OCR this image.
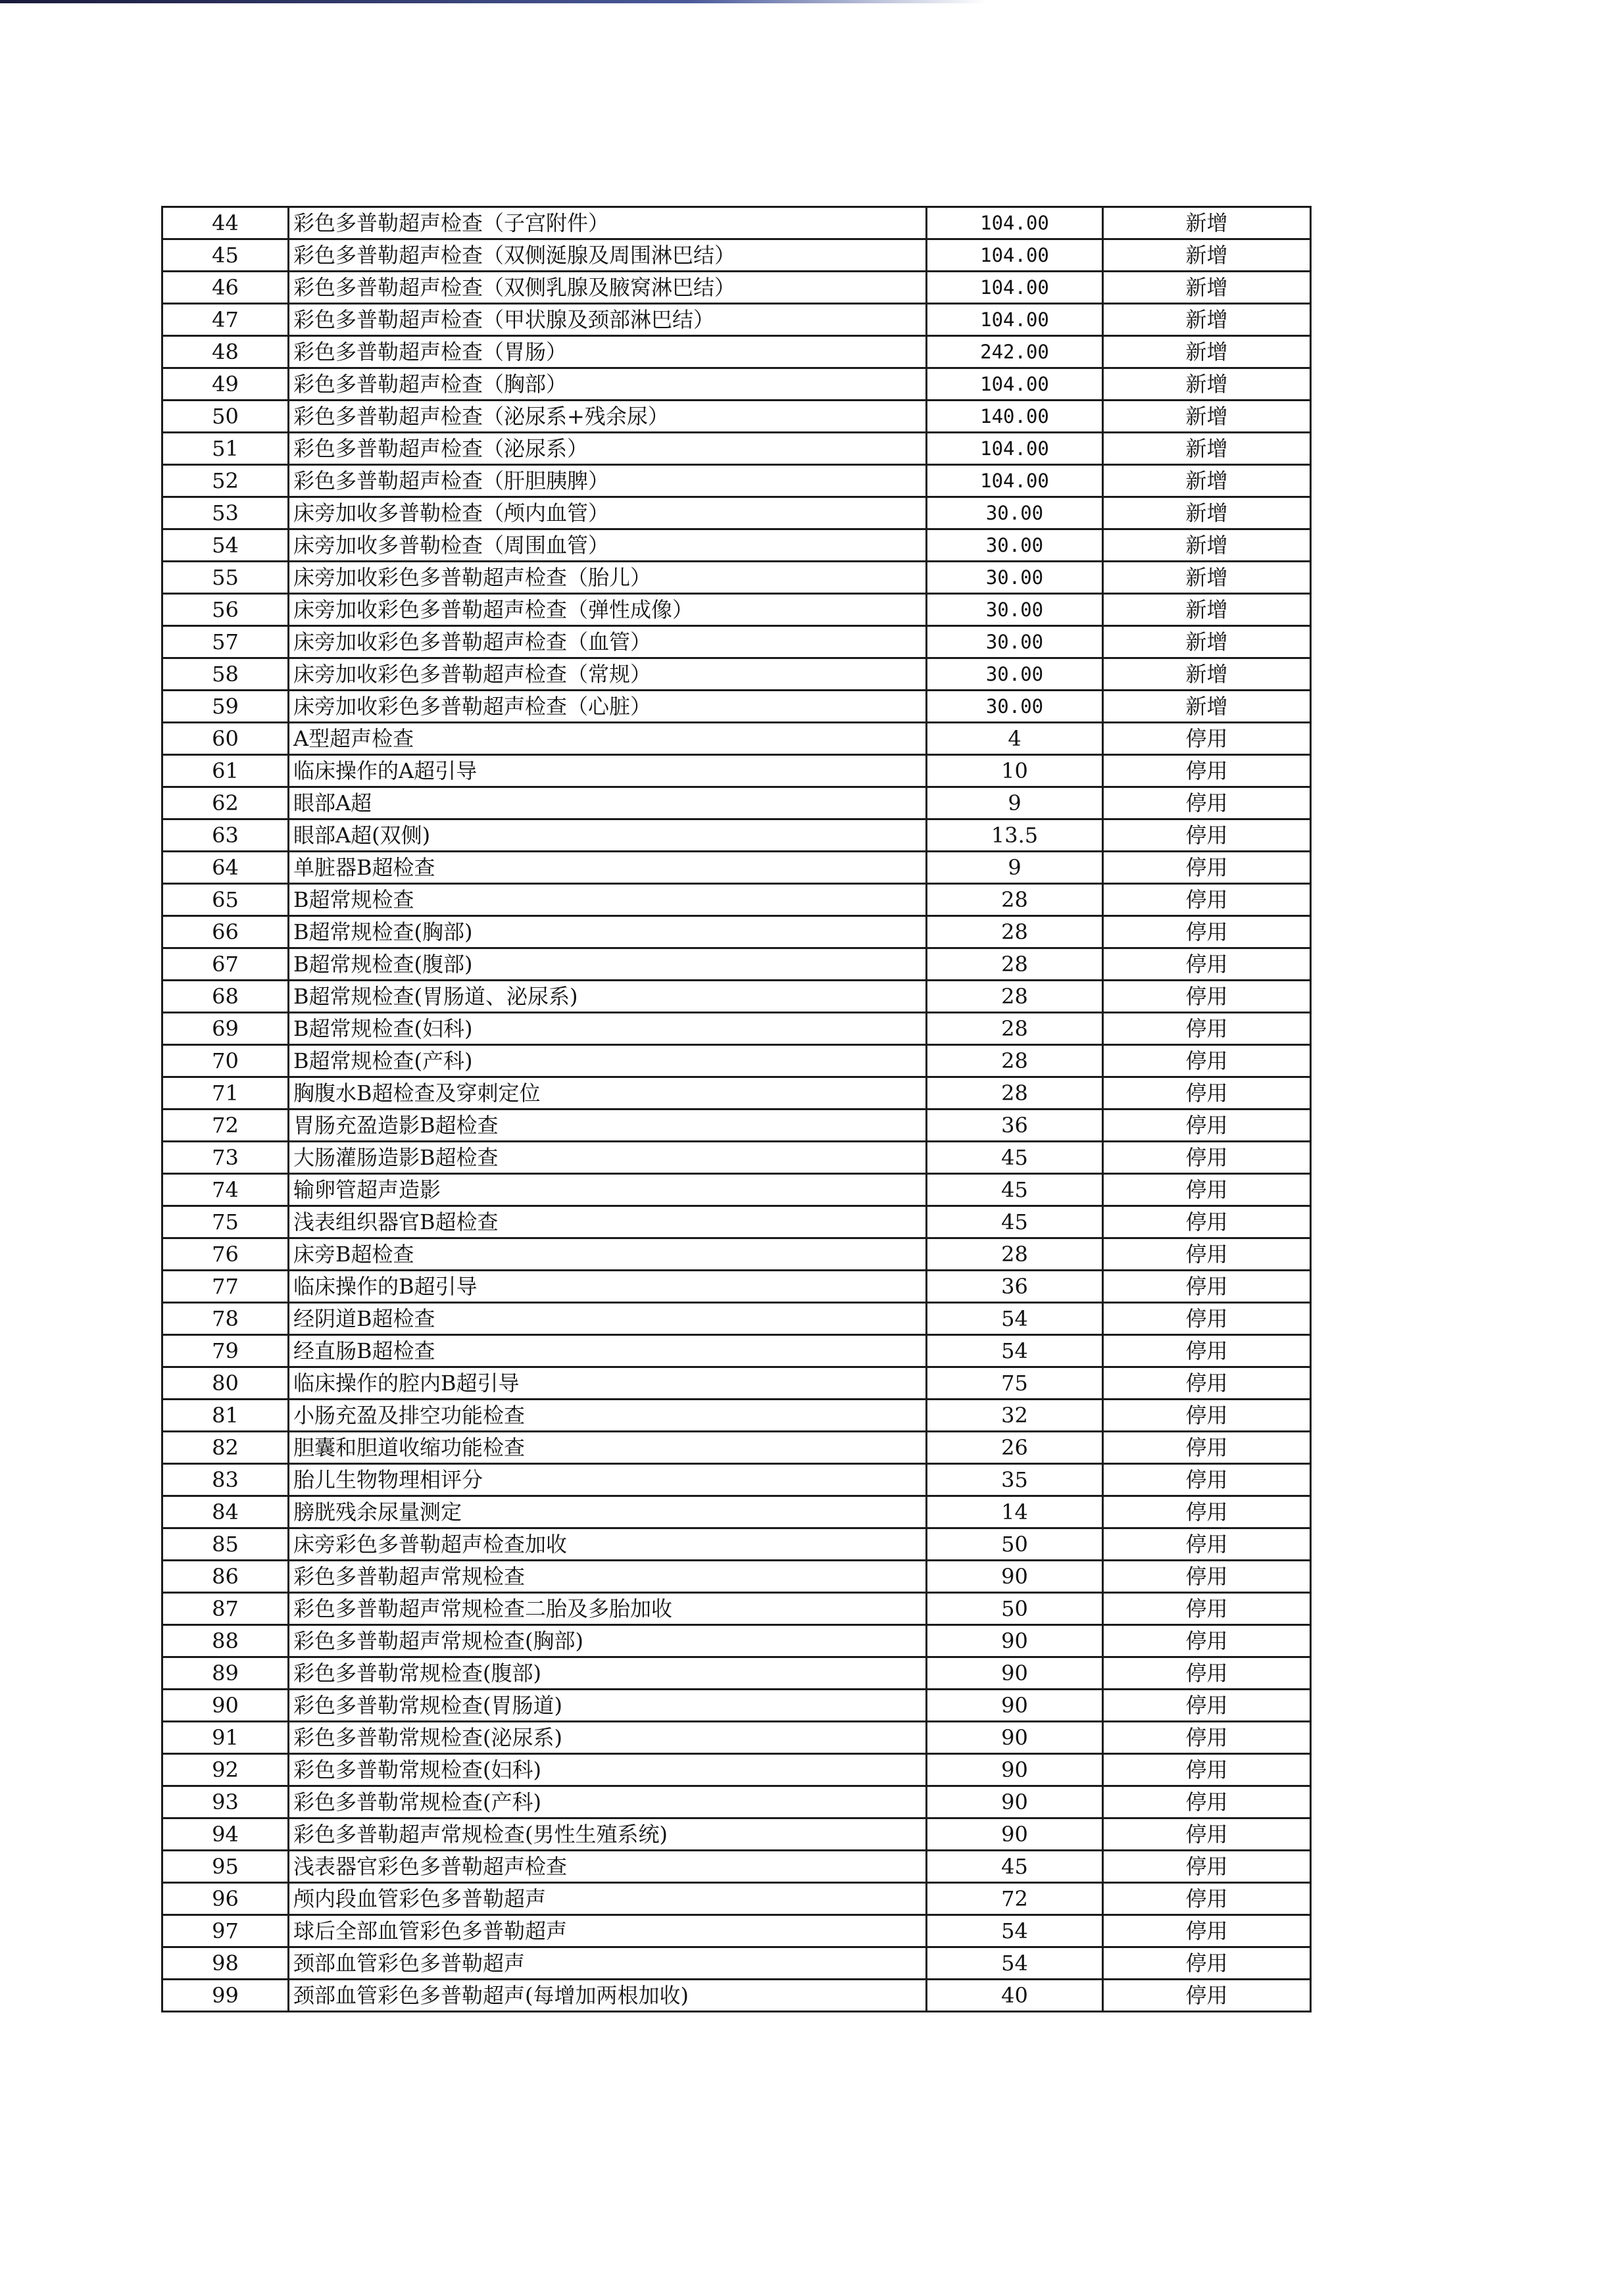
44	彩色多普勒超声检查（子宫附件）	104.00	新增
45	彩色多普勒超声检查（双侧涎腺及周围淋巴结）	104.00	新增
46	彩色多普勒超声检查（双侧乳腺及腋窝淋巴结）	104.00	新增
47	彩色多普勒超声检查（甲状腺及颈部淋巴结）	104.00	新增
48	彩色多普勒超声检查（胃肠）	242.00	新增
49	彩色多普勒超声检查（胸部）	104.00	新增
50	彩色多普勒超声检查（泌尿系+残余尿）	140.00	新增
51	彩色多普勒超声检查（泌尿系）	104.00	新增
52	彩色多普勒超声检查（肝胆胰脾）	104.00	新增
53	床旁加收多普勒检查（颅内血管）	30.00	新增
54	床旁加收多普勒检查（周围血管）	30.00	新增
55	床旁加收彩色多普勒超声检查（胎儿）	30.00	新增
56	床旁加收彩色多普勒超声检查（弹性成像）	30.00	新增
57	床旁加收彩色多普勒超声检查（血管）	30.00	新增
58	床旁加收彩色多普勒超声检查（常规）	30.00	新增
59	床旁加收彩色多普勒超声检查（心脏）	30.00	新增
60	A型超声检查	4	停用
61	临床操作的A超引导	10	停用
62	眼部A超	9	停用
63	眼部A超(双侧)	13.5	停用
64	单脏器B超检查	9	停用
65	B超常规检查	28	停用
66	B超常规检查(胸部)	28	停用
67	B超常规检查(腹部)	28	停用
68	B超常规检查(胃肠道、泌尿系)	28	停用
69	B超常规检查(妇科)	28	停用
70	B超常规检查(产科)	28	停用
71	胸腹水B超检查及穿刺定位	28	停用
72	胃肠充盈造影B超检查	36	停用
73	大肠灌肠造影B超检查	45	停用
74	输卵管超声造影	45	停用
75	浅表组织器官B超检查	45	停用
76	床旁B超检查	28	停用
77	临床操作的B超引导	36	停用
78	经阴道B超检查	54	停用
79	经直肠B超检查	54	停用
80	临床操作的腔内B超引导	75	停用
81	小肠充盈及排空功能检查	32	停用
82	胆囊和胆道收缩功能检查	26	停用
83	胎儿生物物理相评分	35	停用
84	膀胱残余尿量测定	14	停用
85	床旁彩色多普勒超声检查加收	50	停用
86	彩色多普勒超声常规检查	90	停用
87	彩色多普勒超声常规检查二胎及多胎加收	50	停用
88	彩色多普勒超声常规检查(胸部)	90	停用
89	彩色多普勒常规检查(腹部)	90	停用
90	彩色多普勒常规检查(胃肠道)	90	停用
91	彩色多普勒常规检查(泌尿系)	90	停用
92	彩色多普勒常规检查(妇科)	90	停用
93	彩色多普勒常规检查(产科)	90	停用
94	彩色多普勒超声常规检查(男性生殖系统)	90	停用
95	浅表器官彩色多普勒超声检查	45	停用
96	颅内段血管彩色多普勒超声	72	停用
97	球后全部血管彩色多普勒超声	54	停用
98	颈部血管彩色多普勒超声	54	停用
99	颈部血管彩色多普勒超声(每增加两根加收)	40	停用
